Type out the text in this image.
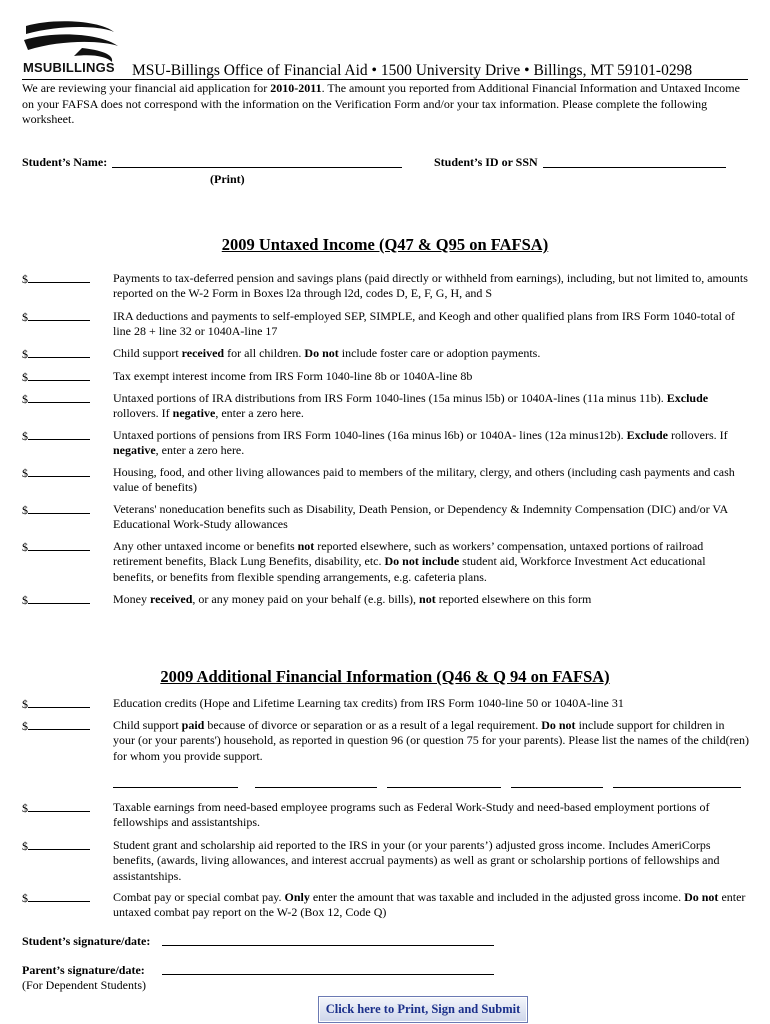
MSUBILLINGS MSU-Billings Office of Financial Aid • 1500 University Drive • Billings, MT 59101-0298
We are reviewing your financial aid application for 2010-2011. The amount you reported from Additional Financial Information and Untaxed Income on your FAFSA does not correspond with the information on the Verification Form and/or your tax information. Please complete the following worksheet.
Student’s Name:
(Print)
Student’s ID or SSN
2009 Untaxed Income (Q47 & Q95 on FAFSA)
$	Payments to tax-deferred pension and savings plans (paid directly or withheld from earnings), including, but not limited to, amounts reported on the W-2 Form in Boxes l2a through l2d, codes D, E, F, G, H, and S
$	IRA deductions and payments to self-employed SEP, SIMPLE, and Keogh and other qualified plans from IRS Form 1040-total of line 28 + line 32 or 1040A-line 17
$	Child support received for all children. Do not include foster care or adoption payments.
$	Tax exempt interest income from IRS Form 1040-line 8b or 1040A-line 8b
$	Untaxed portions of IRA distributions from IRS Form 1040-lines (15a minus l5b) or 1040A-lines (11a minus 11b). Exclude rollovers. If negative, enter a zero here.
$	Untaxed portions of pensions from IRS Form 1040-lines (16a minus l6b) or 1040A- lines (12a minus12b). Exclude rollovers. If negative, enter a zero here.
$	Housing, food, and other living allowances paid to members of the military, clergy, and others (including cash payments and cash value of benefits)
$	Veterans' noneducation benefits such as Disability, Death Pension, or Dependency & Indemnity Compensation (DIC) and/or VA Educational Work-Study allowances
$	Any other untaxed income or benefits not reported elsewhere, such as workers’ compensation, untaxed portions of railroad retirement benefits, Black Lung Benefits, disability, etc. Do not include student aid, Workforce Investment Act educational benefits, or benefits from flexible spending arrangements, e.g. cafeteria plans.
$	Money received, or any money paid on your behalf (e.g. bills), not reported elsewhere on this form
2009 Additional Financial Information (Q46 & Q 94 on FAFSA)
$	Education credits (Hope and Lifetime Learning tax credits) from IRS Form 1040-line 50 or 1040A-line 31
$	Child support paid because of divorce or separation or as a result of a legal requirement. Do not include support for children in your (or your parents') household, as reported in question 96 (or question 75 for your parents). Please list the names of the child(ren) for whom you provide support.
$	Taxable earnings from need-based employee programs such as Federal Work-Study and need-based employment portions of fellowships and assistantships.
$	Student grant and scholarship aid reported to the IRS in your (or your parents’) adjusted gross income. Includes AmeriCorps benefits, (awards, living allowances, and interest accrual payments) as well as grant or scholarship portions of fellowships and assistantships.
$	Combat pay or special combat pay. Only enter the amount that was taxable and included in the adjusted gross income. Do not enter untaxed combat pay report on the W-2 (Box 12, Code Q)
Student’s signature/date:
Parent’s signature/date:
(For Dependent Students)
Click here to Print, Sign and Submit
